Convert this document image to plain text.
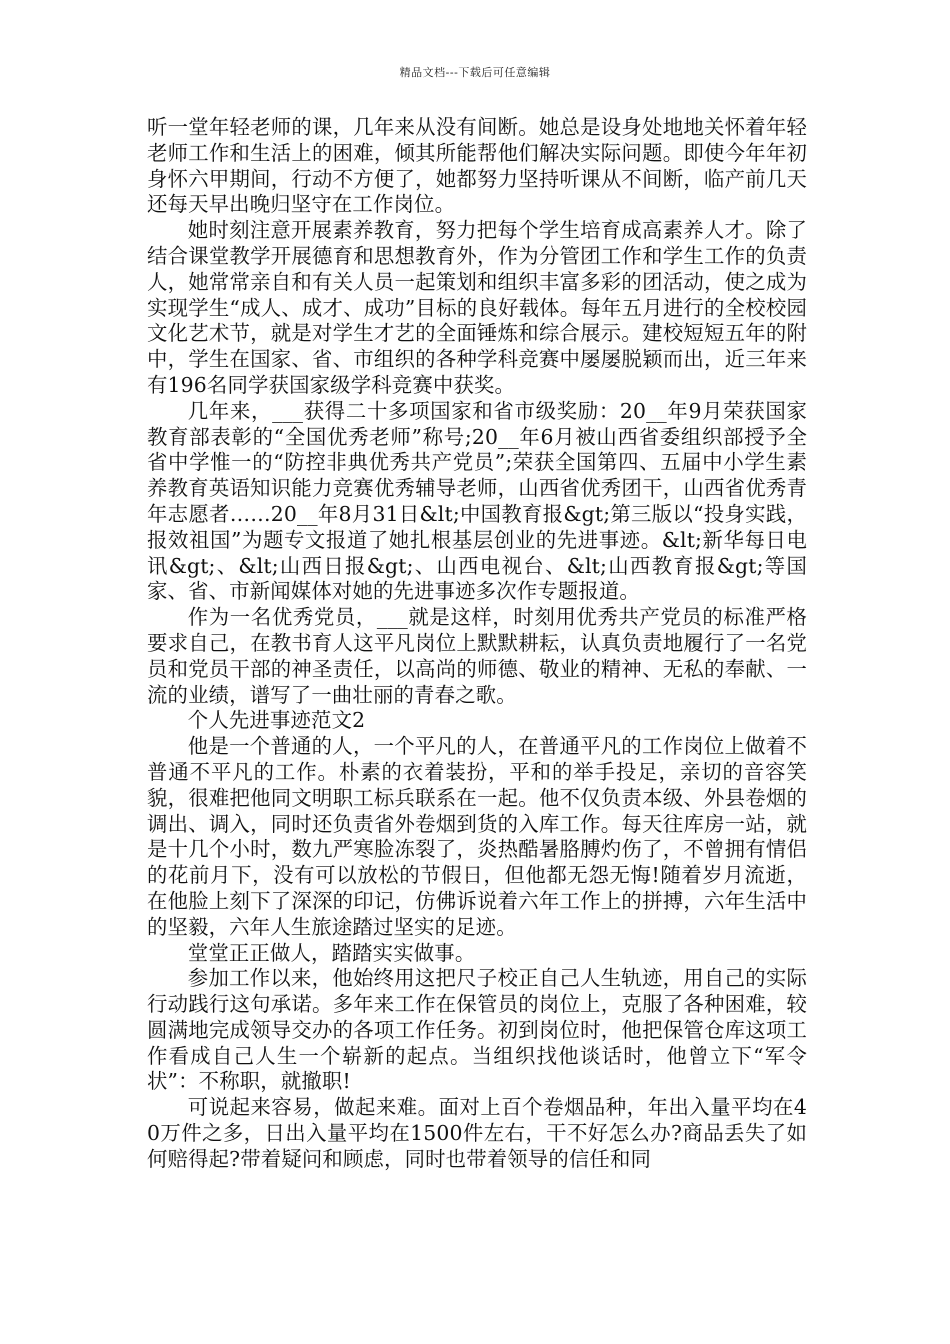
精品文档---下载后可任意编辑

听一堂年轻老师的课，几年来从没有间断。她总是设身处地地关怀着年轻老师工作和生活上的困难，倾其所能帮他们解决实际问题。即使今年年初身怀六甲期间，行动不方便了，她都努力坚持听课从不间断，临产前几天还每天早出晚归坚守在工作岗位。

她时刻注意开展素养教育，努力把每个学生培育成高素养人才。除了结合课堂教学开展德育和思想教育外，作为分管团工作和学生工作的负责人，她常常亲自和有关人员一起策划和组织丰富多彩的团活动，使之成为实现学生“成人、成才、成功”目标的良好载体。每年五月进行的全校校园文化艺术节，就是对学生才艺的全面锤炼和综合展示。建校短短五年的附中，学生在国家、省、市组织的各种学科竞赛中屡屡脱颖而出，近三年来有196名同学获国家级学科竞赛中获奖。

几年来，___获得二十多项国家和省市级奖励：20__年9月荣获国家教育部表彰的“全国优秀老师”称号;20__年6月被山西省委组织部授予全省中学惟一的“防控非典优秀共产党员”;荣获全国第四、五届中小学生素养教育英语知识能力竞赛优秀辅导老师，山西省优秀团干，山西省优秀青年志愿者……20__年8月31日&lt;中国教育报&gt;第三版以“投身实践，报效祖国”为题专文报道了她扎根基层创业的先进事迹。&lt;新华每日电讯&gt;、&lt;山西日报&gt;、山西电视台、&lt;山西教育报&gt;等国家、省、市新闻媒体对她的先进事迹多次作专题报道。

作为一名优秀党员，___就是这样，时刻用优秀共产党员的标准严格要求自己，在教书育人这平凡岗位上默默耕耘，认真负责地履行了一名党员和党员干部的神圣责任，以高尚的师德、敬业的精神、无私的奉献、一流的业绩，谱写了一曲壮丽的青春之歌。

个人先进事迹范文2

他是一个普通的人，一个平凡的人，在普通平凡的工作岗位上做着不普通不平凡的工作。朴素的衣着装扮，平和的举手投足，亲切的音容笑貌，很难把他同文明职工标兵联系在一起。他不仅负责本级、外县卷烟的调出、调入，同时还负责省外卷烟到货的入库工作。每天往库房一站，就是十几个小时，数九严寒脸冻裂了，炎热酷暑胳膊灼伤了，不曾拥有情侣的花前月下，没有可以放松的节假日，但他都无怨无悔!随着岁月流逝，在他脸上刻下了深深的印记，仿佛诉说着六年工作上的拼搏，六年生活中的坚毅，六年人生旅途踏过坚实的足迹。

堂堂正正做人，踏踏实实做事。

参加工作以来，他始终用这把尺子校正自己人生轨迹，用自己的实际行动践行这句承诺。多年来工作在保管员的岗位上，克服了各种困难，较圆满地完成领导交办的各项工作任务。初到岗位时，他把保管仓库这项工作看成自己人生一个崭新的起点。当组织找他谈话时，他曾立下“军令状”：不称职，就撤职!

可说起来容易，做起来难。面对上百个卷烟品种，年出入量平均在40万件之多，日出入量平均在1500件左右，干不好怎么办?商品丢失了如何赔得起?带着疑问和顾虑，同时也带着领导的信任和同
